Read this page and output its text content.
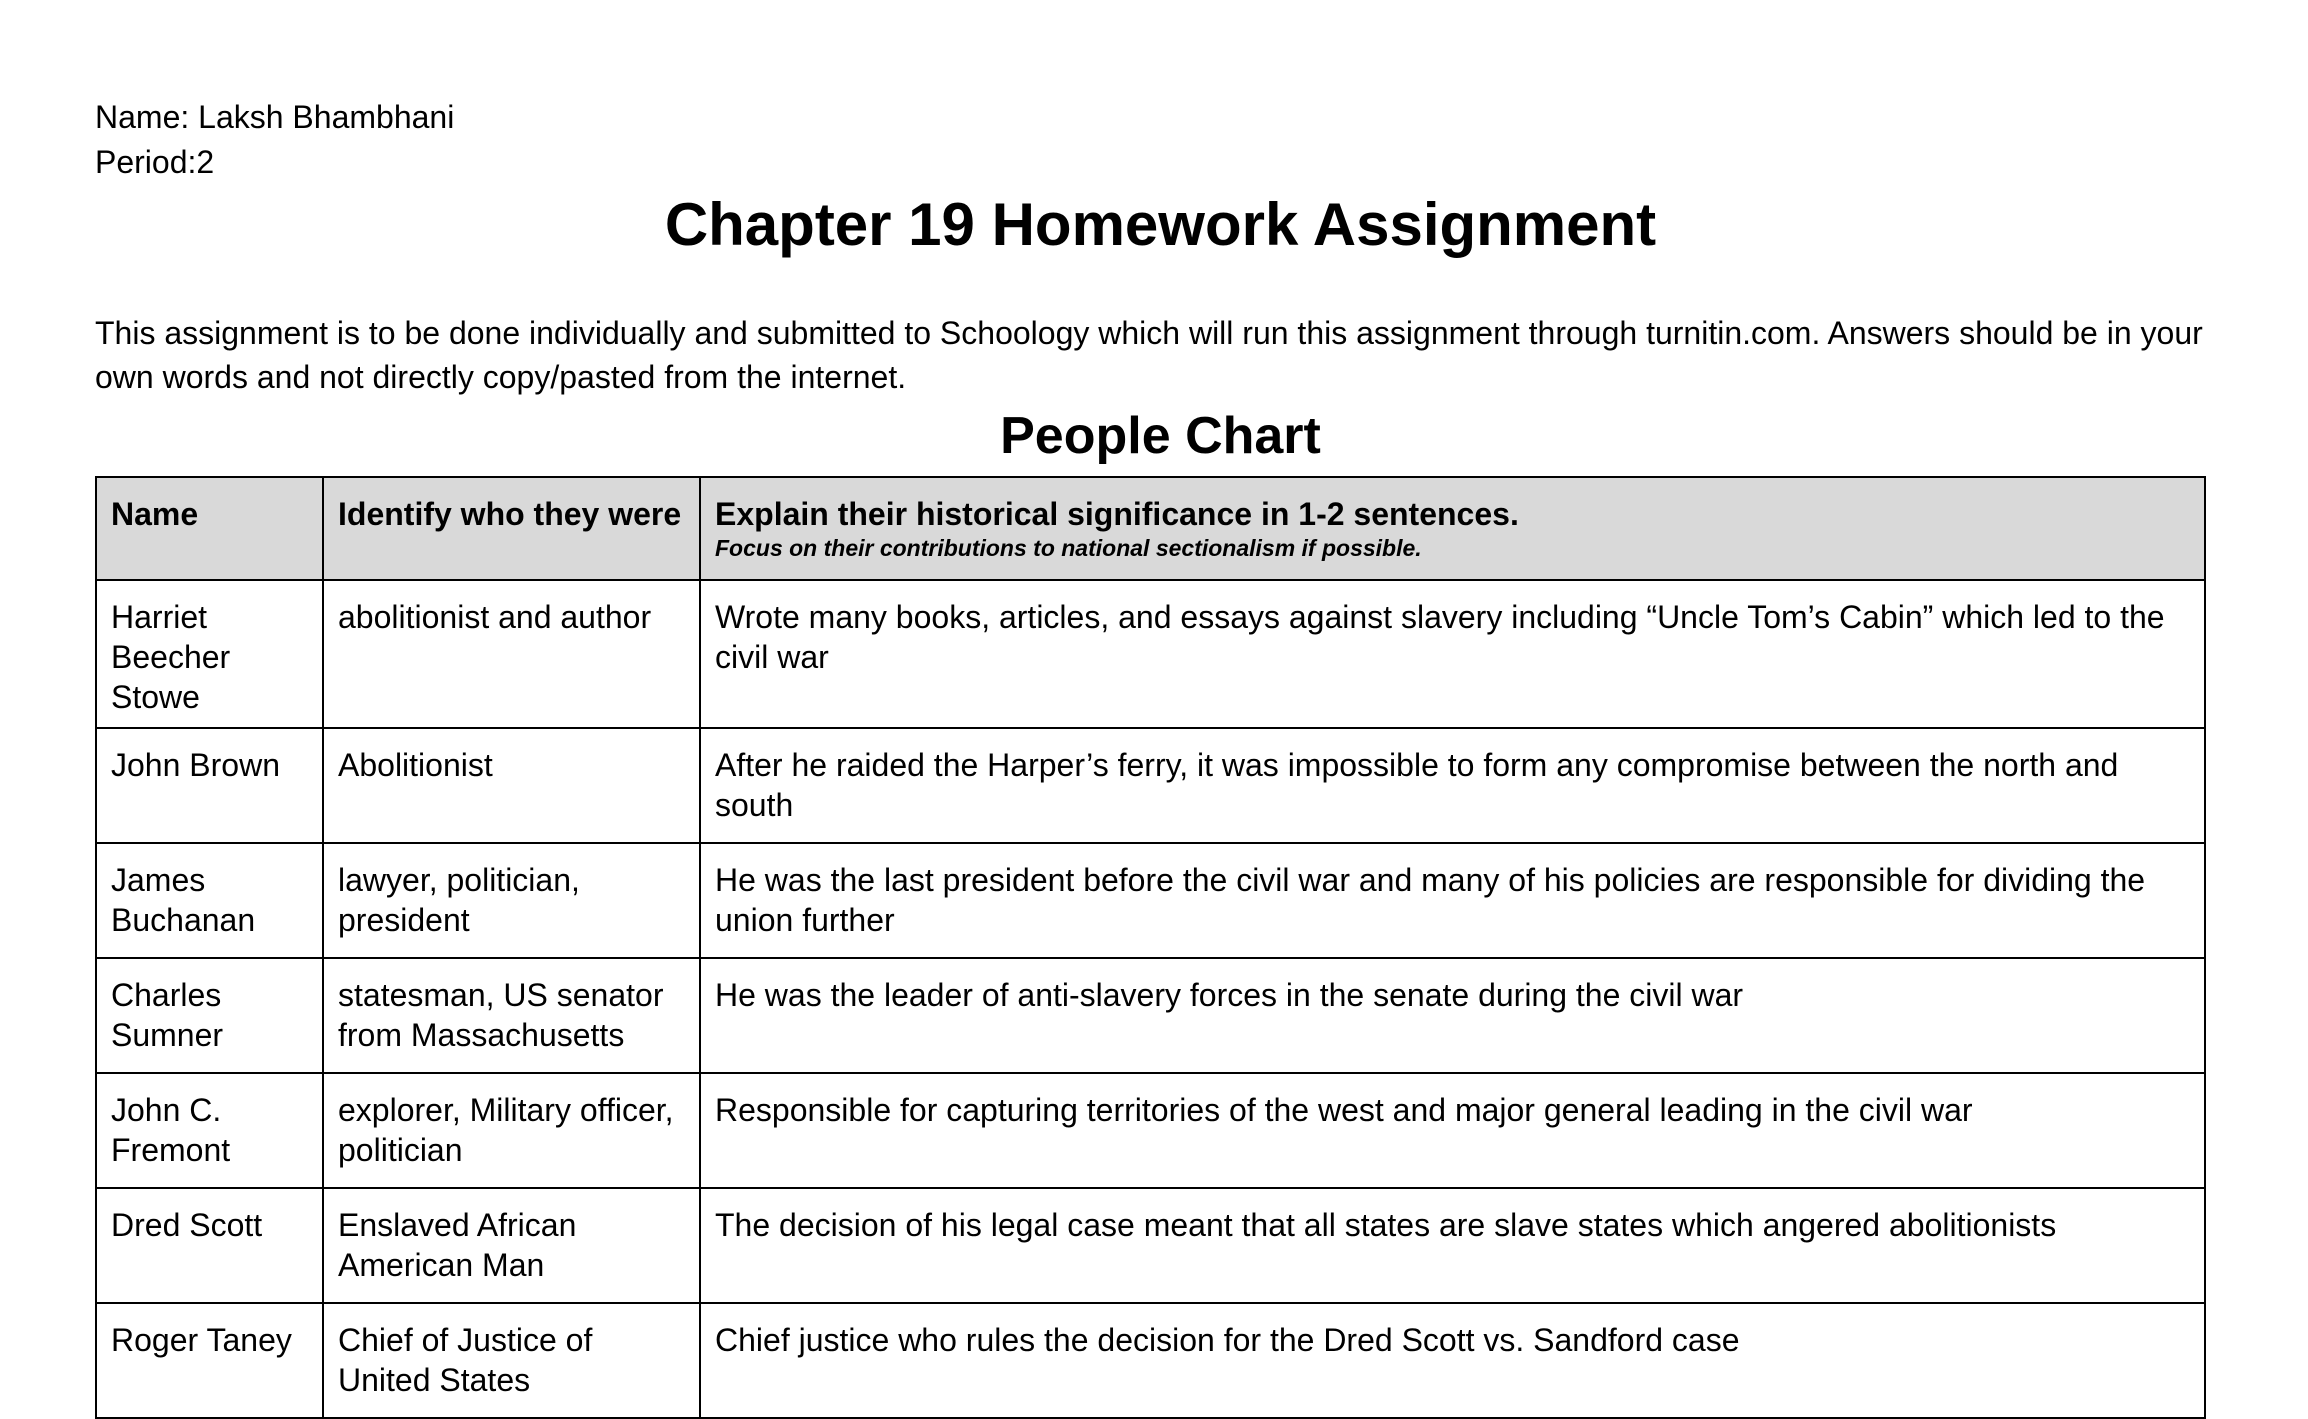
Name: Laksh Bhambhani

Period:2

Chapter 19 Homework Assignment

This assignment is to be done individually and submitted to Schoology which will run this assignment through turnitin.com. Answers should be in your own words and not directly copy/pasted from the internet.

People Chart
Name	Identify who they were	Explain their historical significance in 1-2 sentences.
Focus on their contributions to national sectionalism if possible.

Harriet Beecher Stowe	abolitionist and author	Wrote many books, articles, and essays against slavery including “Uncle Tom’s Cabin” which led to the civil war
John Brown	Abolitionist	After he raided the Harper’s ferry, it was impossible to form any compromise between the north and south
James Buchanan	lawyer, politician, president	He was the last president before the civil war and many of his policies are responsible for dividing the union further
Charles Sumner	statesman, US senator from Massachusetts	He was the leader of anti-slavery forces in the senate during the civil war
John C. Fremont	explorer, Military officer, politician	Responsible for capturing territories of the west and major general leading in the civil war
Dred Scott	Enslaved African American Man	The decision of his legal case meant that all states are slave states which angered abolitionists
Roger Taney	Chief of Justice of United States	Chief justice who rules the decision for the Dred Scott vs. Sandford case
